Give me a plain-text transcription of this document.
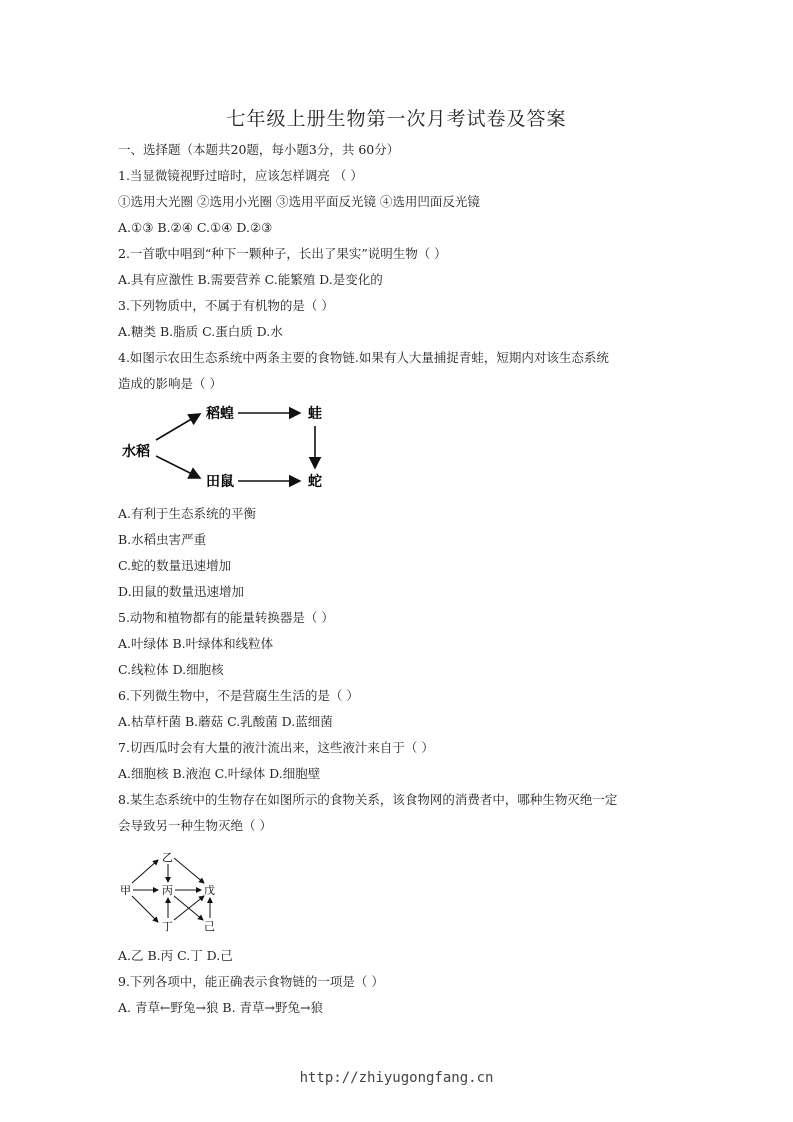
七年级上册生物第一次月考试卷及答案
一、选择题（本题共20题，每小题3分，共 60分）
1.当显微镜视野过暗时，应该怎样调亮 （ ）
①选用大光圈 ②选用小光圈 ③选用平面反光镜 ④选用凹面反光镜
A.①③ B.②④ C.①④ D.②③
2.一首歌中唱到“种下一颗种子，长出了果实”说明生物（ ）
A.具有应激性 B.需要营养 C.能繁殖 D.是变化的
3.下列物质中，不属于有机物的是（ ）
A.糖类 B.脂质 C.蛋白质 D.水
4.如图示农田生态系统中两条主要的食物链.如果有人大量捕捉青蛙，短期内对该生态系统
造成的影响是（ ）
水稻
稻蝗	蛙
田鼠	蛇
A.有利于生态系统的平衡
B.水稻虫害严重
C.蛇的数量迅速增加
D.田鼠的数量迅速增加
5.动物和植物都有的能量转换器是（ ）
A.叶绿体 B.叶绿体和线粒体
C.线粒体 D.细胞核
6.下列微生物中，不是营腐生生活的是（ ）
A.枯草杆菌 B.蘑菇 C.乳酸菌 D.蓝细菌
7.切西瓜时会有大量的液汁流出来，这些液汁来自于（ ）
A.细胞核 B.液泡 C.叶绿体 D.细胞壁
8.某生态系统中的生物存在如图所示的食物关系，该食物网的消费者中，哪种生物灭绝一定
会导致另一种生物灭绝（ ）
甲
乙
丙	戊
丁	己
A.乙 B.丙 C.丁 D.己
9.下列各项中，能正确表示食物链的一项是（ ）
A. 青草←野兔→狼 B. 青草→野兔→狼
http://zhiyugongfang.cn
